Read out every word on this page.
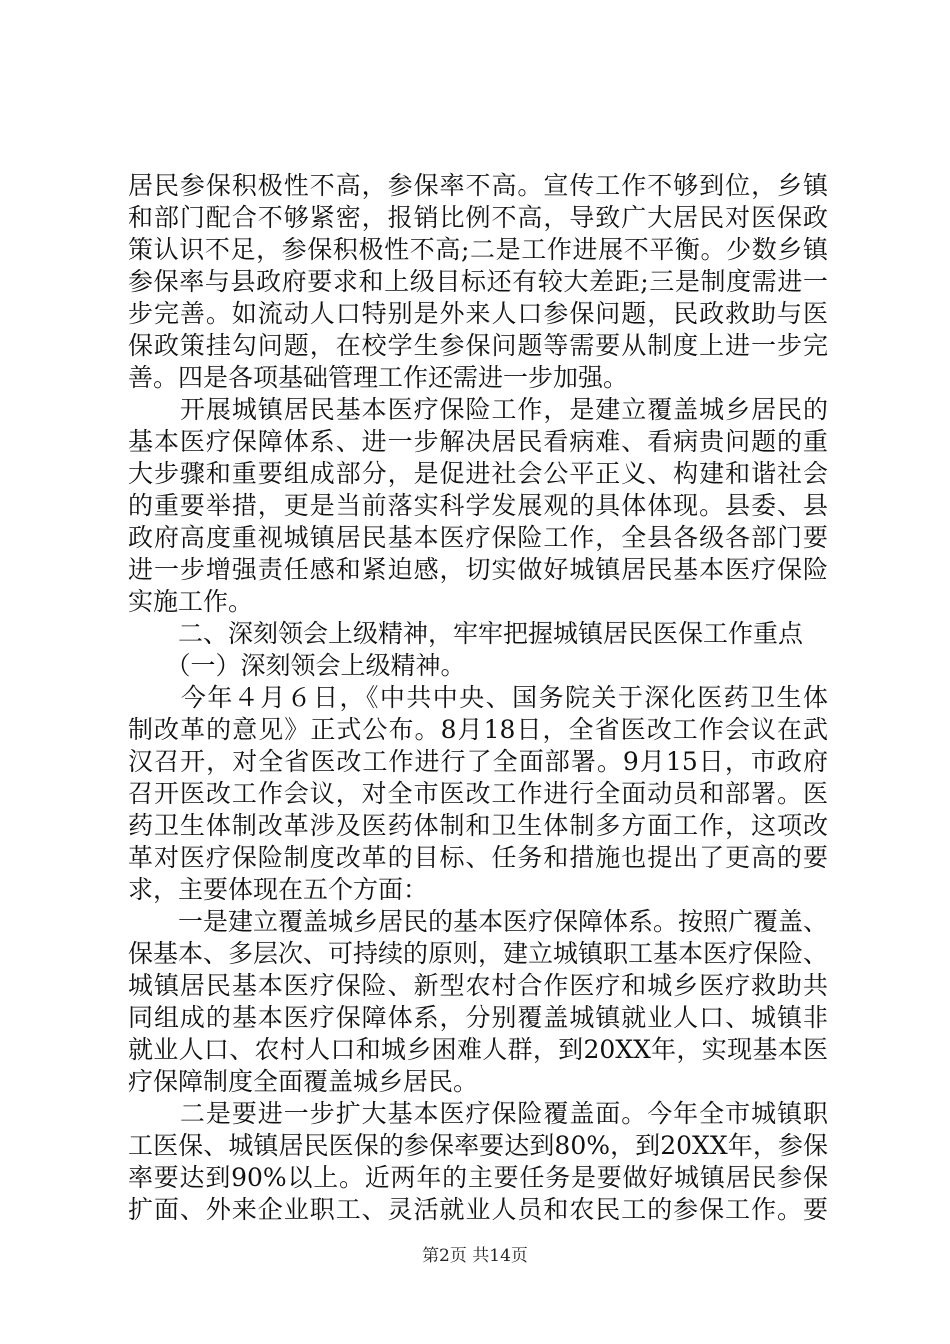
居民参保积极性不高，参保率不高。宣传工作不够到位，乡镇
和部门配合不够紧密，报销比例不高，导致广大居民对医保政
策认识不足，参保积极性不高;二是工作进展不平衡。少数乡镇
参保率与县政府要求和上级目标还有较大差距;三是制度需进一
步完善。如流动人口特别是外来人口参保问题，民政救助与医
保政策挂勾问题，在校学生参保问题等需要从制度上进一步完
善。四是各项基础管理工作还需进一步加强。
　　开展城镇居民基本医疗保险工作，是建立覆盖城乡居民的
基本医疗保障体系、进一步解决居民看病难、看病贵问题的重
大步骤和重要组成部分，是促进社会公平正义、构建和谐社会
的重要举措，更是当前落实科学发展观的具体体现。县委、县
政府高度重视城镇居民基本医疗保险工作，全县各级各部门要
进一步增强责任感和紧迫感，切实做好城镇居民基本医疗保险
实施工作。
　　二、深刻领会上级精神，牢牢把握城镇居民医保工作重点
　　（一）深刻领会上级精神。
　　今年４月６日，《中共中央、国务院关于深化医药卫生体
制改革的意见》正式公布。8月18日，全省医改工作会议在武
汉召开，对全省医改工作进行了全面部署。9月15日，市政府
召开医改工作会议，对全市医改工作进行全面动员和部署。医
药卫生体制改革涉及医药体制和卫生体制多方面工作，这项改
革对医疗保险制度改革的目标、任务和措施也提出了更高的要
求，主要体现在五个方面：
　　一是建立覆盖城乡居民的基本医疗保障体系。按照广覆盖、
保基本、多层次、可持续的原则，建立城镇职工基本医疗保险、
城镇居民基本医疗保险、新型农村合作医疗和城乡医疗救助共
同组成的基本医疗保障体系，分别覆盖城镇就业人口、城镇非
就业人口、农村人口和城乡困难人群，到20XX年，实现基本医
疗保障制度全面覆盖城乡居民。
　　二是要进一步扩大基本医疗保险覆盖面。今年全市城镇职
工医保、城镇居民医保的参保率要达到80%，到20XX年，参保
率要达到90%以上。近两年的主要任务是要做好城镇居民参保
扩面、外来企业职工、灵活就业人员和农民工的参保工作。要
第2页 共14页
